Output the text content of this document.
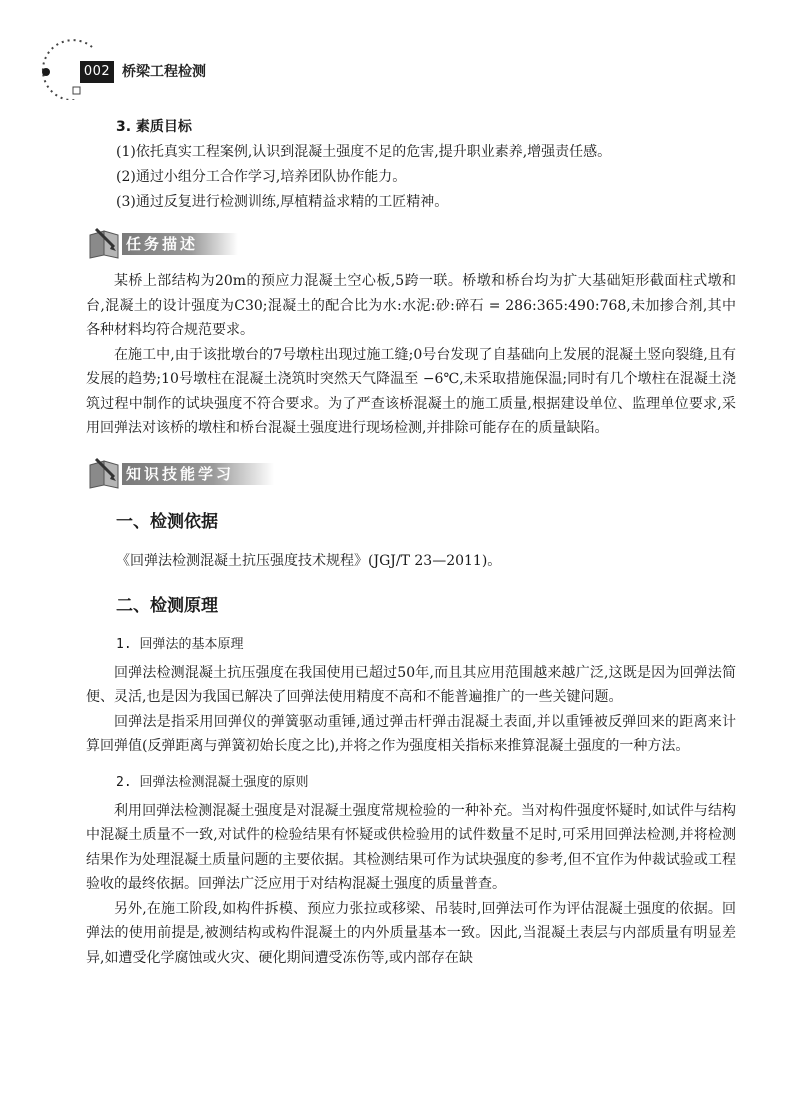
002 桥梁工程检测
3. 素质目标
(1)依托真实工程案例,认识到混凝土强度不足的危害,提升职业素养,增强责任感。
(2)通过小组分工合作学习,培养团队协作能力。
(3)通过反复进行检测训练,厚植精益求精的工匠精神。
任务描述

某桥上部结构为20m的预应力混凝土空心板,5跨一联。桥墩和桥台均为扩大基础矩形截面柱式墩和台,混凝土的设计强度为C30;混凝土的配合比为水:水泥:砂:碎石 = 286:365:490:768,未加掺合剂,其中各种材料均符合规范要求。

在施工中,由于该批墩台的7号墩柱出现过施工缝;0号台发现了自基础向上发展的混凝土竖向裂缝,且有发展的趋势;10号墩柱在混凝土浇筑时突然天气降温至 −6℃,未采取措施保温;同时有几个墩柱在混凝土浇筑过程中制作的试块强度不符合要求。为了严查该桥混凝土的施工质量,根据建设单位、监理单位要求,采用回弹法对该桥的墩柱和桥台混凝土强度进行现场检测,并排除可能存在的质量缺陷。

知识技能学习
一、检测依据
《回弹法检测混凝土抗压强度技术规程》(JGJ/T 23—2011)。
二、检测原理
1. 回弹法的基本原理

回弹法检测混凝土抗压强度在我国使用已超过50年,而且其应用范围越来越广泛,这既是因为回弹法简便、灵活,也是因为我国已解决了回弹法使用精度不高和不能普遍推广的一些关键问题。

回弹法是指采用回弹仪的弹簧驱动重锤,通过弹击杆弹击混凝土表面,并以重锤被反弹回来的距离来计算回弹值(反弹距离与弹簧初始长度之比),并将之作为强度相关指标来推算混凝土强度的一种方法。

2. 回弹法检测混凝土强度的原则

利用回弹法检测混凝土强度是对混凝土强度常规检验的一种补充。当对构件强度怀疑时,如试件与结构中混凝土质量不一致,对试件的检验结果有怀疑或供检验用的试件数量不足时,可采用回弹法检测,并将检测结果作为处理混凝土质量问题的主要依据。其检测结果可作为试块强度的参考,但不宜作为仲裁试验或工程验收的最终依据。回弹法广泛应用于对结构混凝土强度的质量普查。

另外,在施工阶段,如构件拆模、预应力张拉或移梁、吊装时,回弹法可作为评估混凝土强度的依据。回弹法的使用前提是,被测结构或构件混凝土的内外质量基本一致。因此,当混凝土表层与内部质量有明显差异,如遭受化学腐蚀或火灾、硬化期间遭受冻伤等,或内部存在缺
